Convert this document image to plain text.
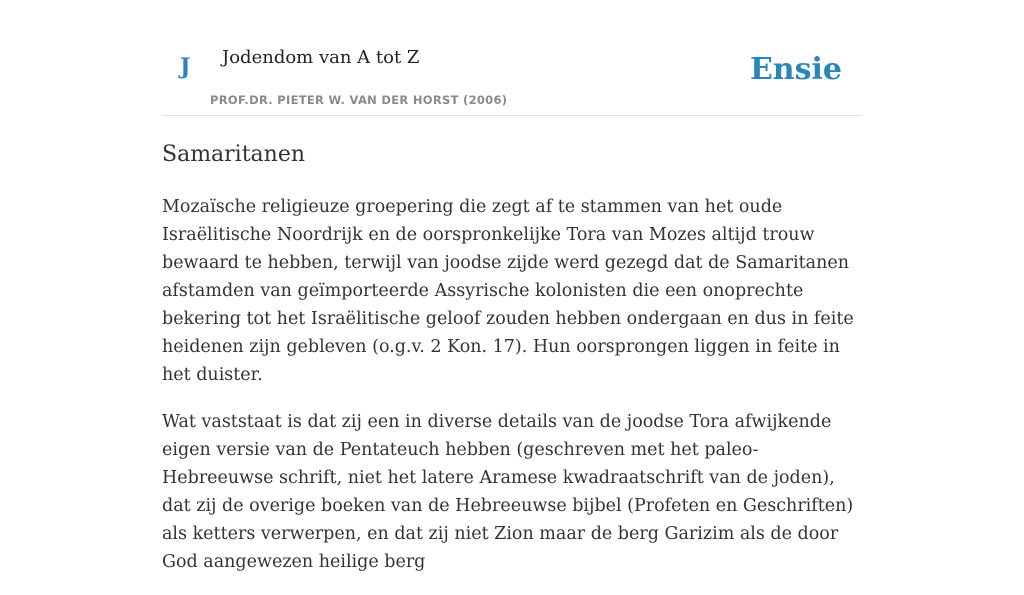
J Jodendom van A tot Z
PROF.DR. PIETER W. VAN DER HORST (2006)
Ensie
Samaritanen

Mozaïsche religieuze groepering die zegt af te stammen van het oude Israëlitische Noordrijk en de oorspronkelijke Tora van Mozes altijd trouw bewaard te hebben, terwijl van joodse zijde werd gezegd dat de Samaritanen afstamden van geïmporteerde Assyrische kolonisten die een onoprechte bekering tot het Israëlitische geloof zouden hebben ondergaan en dus in feite heidenen zijn gebleven (o.g.v. 2 Kon. 17). Hun oorsprongen liggen in feite in het duister.

Wat vaststaat is dat zij een in diverse details van de joodse Tora afwijkende eigen versie van de Pentateuch hebben (geschreven met het paleo-Hebreeuwse schrift, niet het latere Aramese kwadraatschrift van de joden), dat zij de overige boeken van de Hebreeuwse bijbel (Profeten en Geschriften) als ketters verwerpen, en dat zij niet Zion maar de berg Garizim als de door God aangewezen heilige berg
